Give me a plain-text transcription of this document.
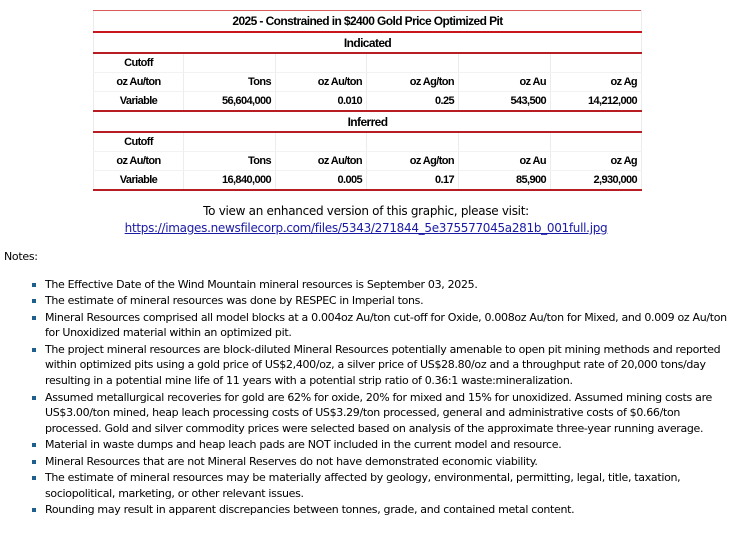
2025 - Constrained in $2400 Gold Price Optimized Pit					
Indicated					
Cutoff					
oz Au/ton	Tons	oz Au/ton	oz Ag/ton	oz Au	oz Ag
Variable	56,604,000	0.010	0.25	543,500	14,212,000
Inferred					
Cutoff					
oz Au/ton	Tons	oz Au/ton	oz Ag/ton	oz Au	oz Ag
Variable	16,840,000	0.005	0.17	85,900	2,930,000
To view an enhanced version of this graphic, please visit:
https://images.newsfilecorp.com/files/5343/271844_5e375577045a281b_001full.jpg
Notes:
The Effective Date of the Wind Mountain mineral resources is September 03, 2025.
The estimate of mineral resources was done by RESPEC in Imperial tons.
Mineral Resources comprised all model blocks at a 0.004oz Au/ton cut-off for Oxide, 0.008oz Au/ton for Mixed, and 0.009 oz Au/ton for Unoxidized material within an optimized pit.
The project mineral resources are block-diluted Mineral Resources potentially amenable to open pit mining methods and reported within optimized pits using a gold price of US$2,400/oz, a silver price of US$28.80/oz and a throughput rate of 20,000 tons/day resulting in a potential mine life of 11 years with a potential strip ratio of 0.36:1 waste:mineralization.
Assumed metallurgical recoveries for gold are 62% for oxide, 20% for mixed and 15% for unoxidized. Assumed mining costs are US$3.00/ton mined, heap leach processing costs of US$3.29/ton processed, general and administrative costs of $0.66/ton processed. Gold and silver commodity prices were selected based on analysis of the approximate three-year running average.
Material in waste dumps and heap leach pads are NOT included in the current model and resource.
Mineral Resources that are not Mineral Reserves do not have demonstrated economic viability.
The estimate of mineral resources may be materially affected by geology, environmental, permitting, legal, title, taxation, sociopolitical, marketing, or other relevant issues.
Rounding may result in apparent discrepancies between tonnes, grade, and contained metal content.
